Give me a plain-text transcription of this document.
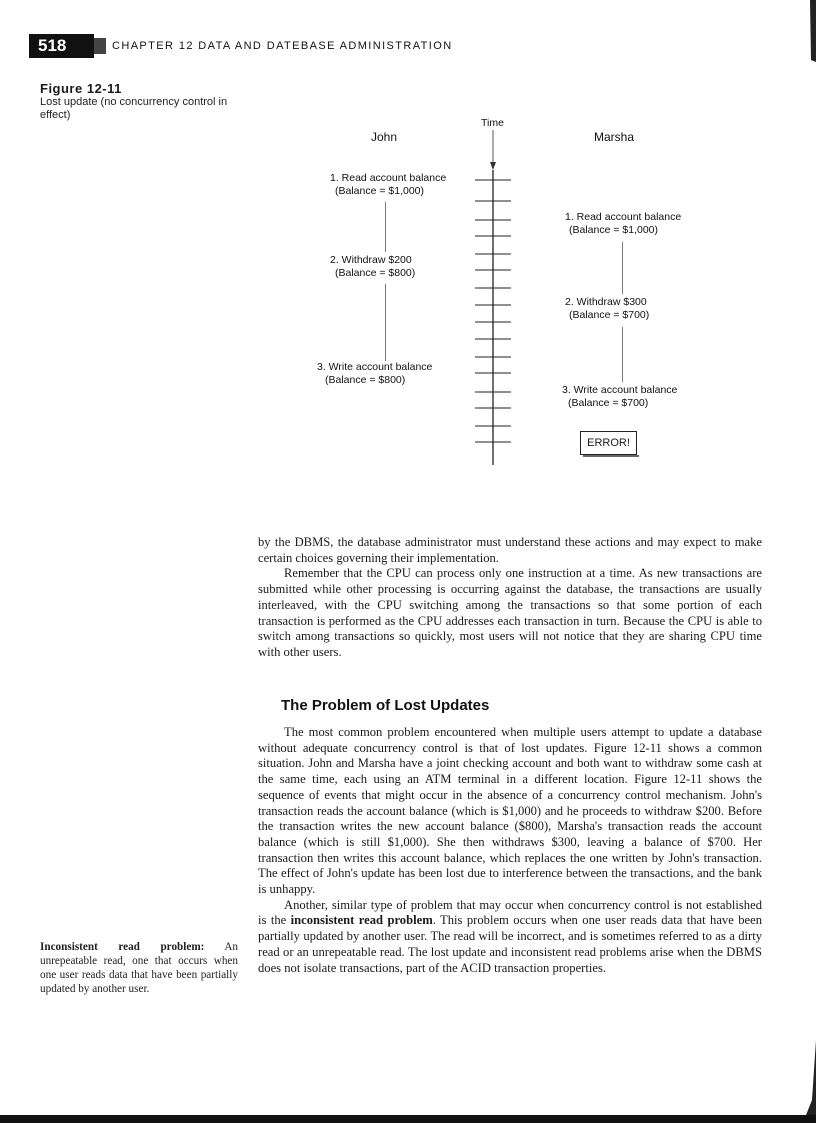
518	CHAPTER 12 DATA AND DATEBASE ADMINISTRATION
Figure 12-11
Lost update (no concurrency control in effect)
John	Marsha
Time
1. Read account balance
(Balance = $1,000)
2. Withdraw $200
(Balance = $800)
3. Write account balance
(Balance = $800)
1. Read account balance
(Balance = $1,000)
2. Withdraw $300
(Balance = $700)
3. Write account balance
(Balance = $700)
ERROR!

by the DBMS, the database administrator must understand these actions and may expect to make certain choices governing their implementation.

Remember that the CPU can process only one instruction at a time. As new transactions are submitted while other processing is occurring against the database, the transactions are usually interleaved, with the CPU switching among the transactions so that some portion of each transaction is performed as the CPU addresses each transaction in turn. Because the CPU is able to switch among transactions so quickly, most users will not notice that they are sharing CPU time with other users.

The Problem of Lost Updates

The most common problem encountered when multiple users attempt to update a database without adequate concurrency control is that of lost updates. Figure 12-11 shows a common situation. John and Marsha have a joint checking account and both want to withdraw some cash at the same time, each using an ATM terminal in a different location. Figure 12-11 shows the sequence of events that might occur in the absence of a concurrency control mechanism. John's transaction reads the account balance (which is $1,000) and he proceeds to withdraw $200. Before the transaction writes the new account balance ($800), Marsha's transaction reads the account balance (which is still $1,000). She then withdraws $300, leaving a balance of $700. Her transaction then writes this account balance, which replaces the one written by John's transaction. The effect of John's update has been lost due to interference between the transactions, and the bank is unhappy.

Another, similar type of problem that may occur when concurrency control is not established is the inconsistent read problem. This problem occurs when one user reads data that have been partially updated by another user. The read will be incorrect, and is sometimes referred to as a dirty read or an unrepeatable read. The lost update and inconsistent read problems arise when the DBMS does not isolate transactions, part of the ACID transaction properties.

Inconsistent read problem: An unrepeatable read, one that occurs when one user reads data that have been partially updated by another user.
